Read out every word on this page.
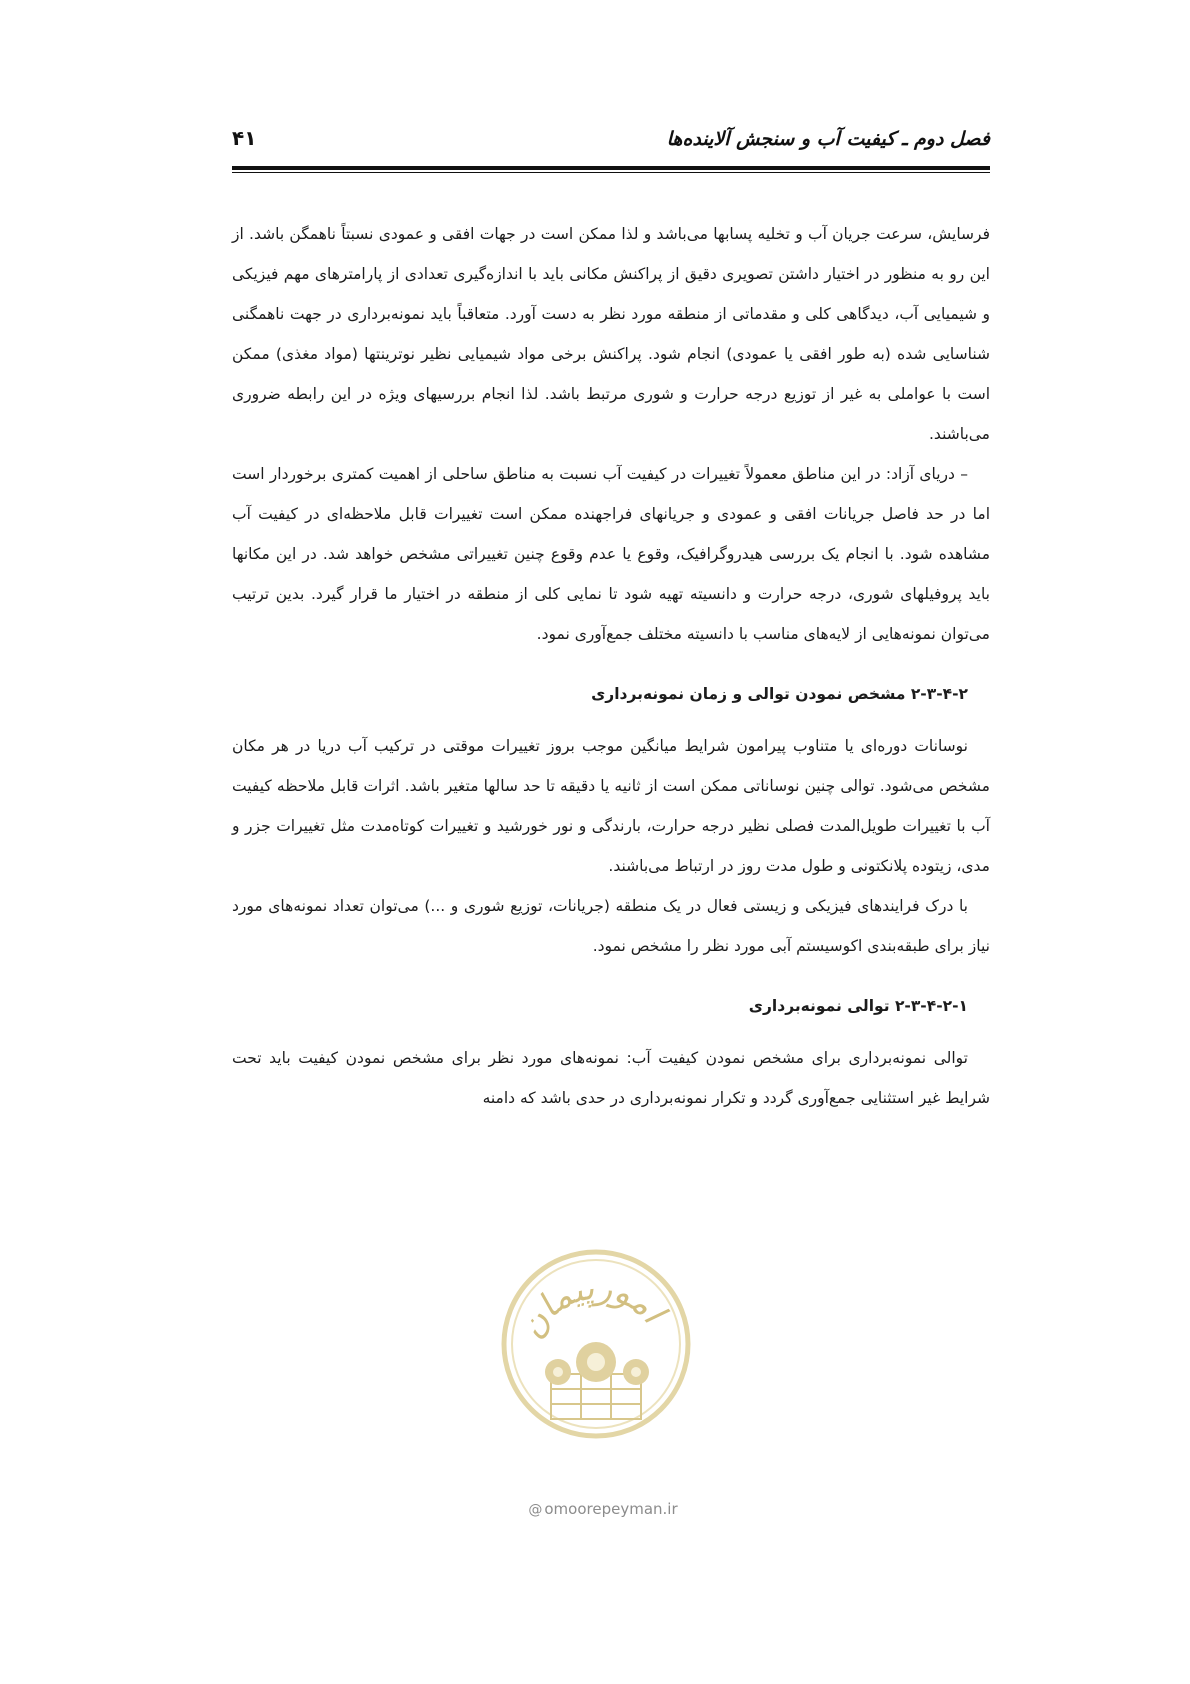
فصل دوم ـ کیفیت آب و سنجش آلاینده‌ها
۴۱

فرسایش، سرعت جریان آب و تخلیه پسابها می‌باشد و لذا ممکن است در جهات افقی و عمودی نسبتاً ناهمگن باشد. از این رو به منظور در اختیار داشتن تصویری دقیق از پراکنش مکانی باید با اندازه‌گیری تعدادی از پارامترهای مهم فیزیکی و شیمیایی آب، دیدگاهی کلی و مقدماتی از منطقه مورد نظر به دست آورد. متعاقباً باید نمونه‌برداری در جهت ناهمگنی شناسایی شده (به طور افقی یا عمودی) انجام شود. پراکنش برخی مواد شیمیایی نظیر نوترینتها (مواد مغذی) ممکن است با عواملی به غیر از توزیع درجه حرارت و شوری مرتبط باشد. لذا انجام بررسیهای ویژه در این رابطه ضروری می‌باشند.

– دریای آزاد: در این مناطق معمولاً تغییرات در کیفیت آب نسبت به مناطق ساحلی از اهمیت کمتری برخوردار است اما در حد فاصل جریانات افقی و عمودی و جریانهای فراجهنده ممکن است تغییرات قابل ملاحظه‌ای در کیفیت آب مشاهده شود. با انجام یک بررسی هیدروگرافیک، وقوع یا عدم وقوع چنین تغییراتی مشخص خواهد شد. در این مکانها باید پروفیلهای شوری، درجه حرارت و دانسیته تهیه شود تا نمایی کلی از منطقه در اختیار ما قرار گیرد. بدین ترتیب می‌توان نمونه‌هایی از لایه‌های مناسب با دانسیته مختلف جمع‌آوری نمود.

۲-۳-۴-۲ مشخص نمودن توالی و زمان نمونه‌برداری

نوسانات دوره‌ای یا متناوب پیرامون شرایط میانگین موجب بروز تغییرات موقتی در ترکیب آب دریا در هر مکان مشخص می‌شود. توالی چنین نوساناتی ممکن است از ثانیه یا دقیقه تا حد سالها متغیر باشد. اثرات قابل ملاحظه کیفیت آب با تغییرات طویل‌المدت فصلی نظیر درجه حرارت، بارندگی و نور خورشید و تغییرات کوتاه‌مدت مثل تغییرات جزر و مدی، زیتوده پلانکتونی و طول مدت روز در ارتباط می‌باشند.

با درک فرایندهای فیزیکی و زیستی فعال در یک منطقه (جریانات، توزیع شوری و ...) می‌توان تعداد نمونه‌های مورد نیاز برای طبقه‌بندی اکوسیستم آبی مورد نظر را مشخص نمود.

۲-۳-۴-۲-۱ توالی نمونه‌برداری

توالی نمونه‌برداری برای مشخص نمودن کیفیت آب: نمونه‌های مورد نظر برای مشخص نمودن کیفیت باید تحت شرایط غیر استثنایی جمع‌آوری گردد و تکرار نمونه‌برداری در حدی باشد که دامنه

امورپیمان
@ omoorepeyman.ir
